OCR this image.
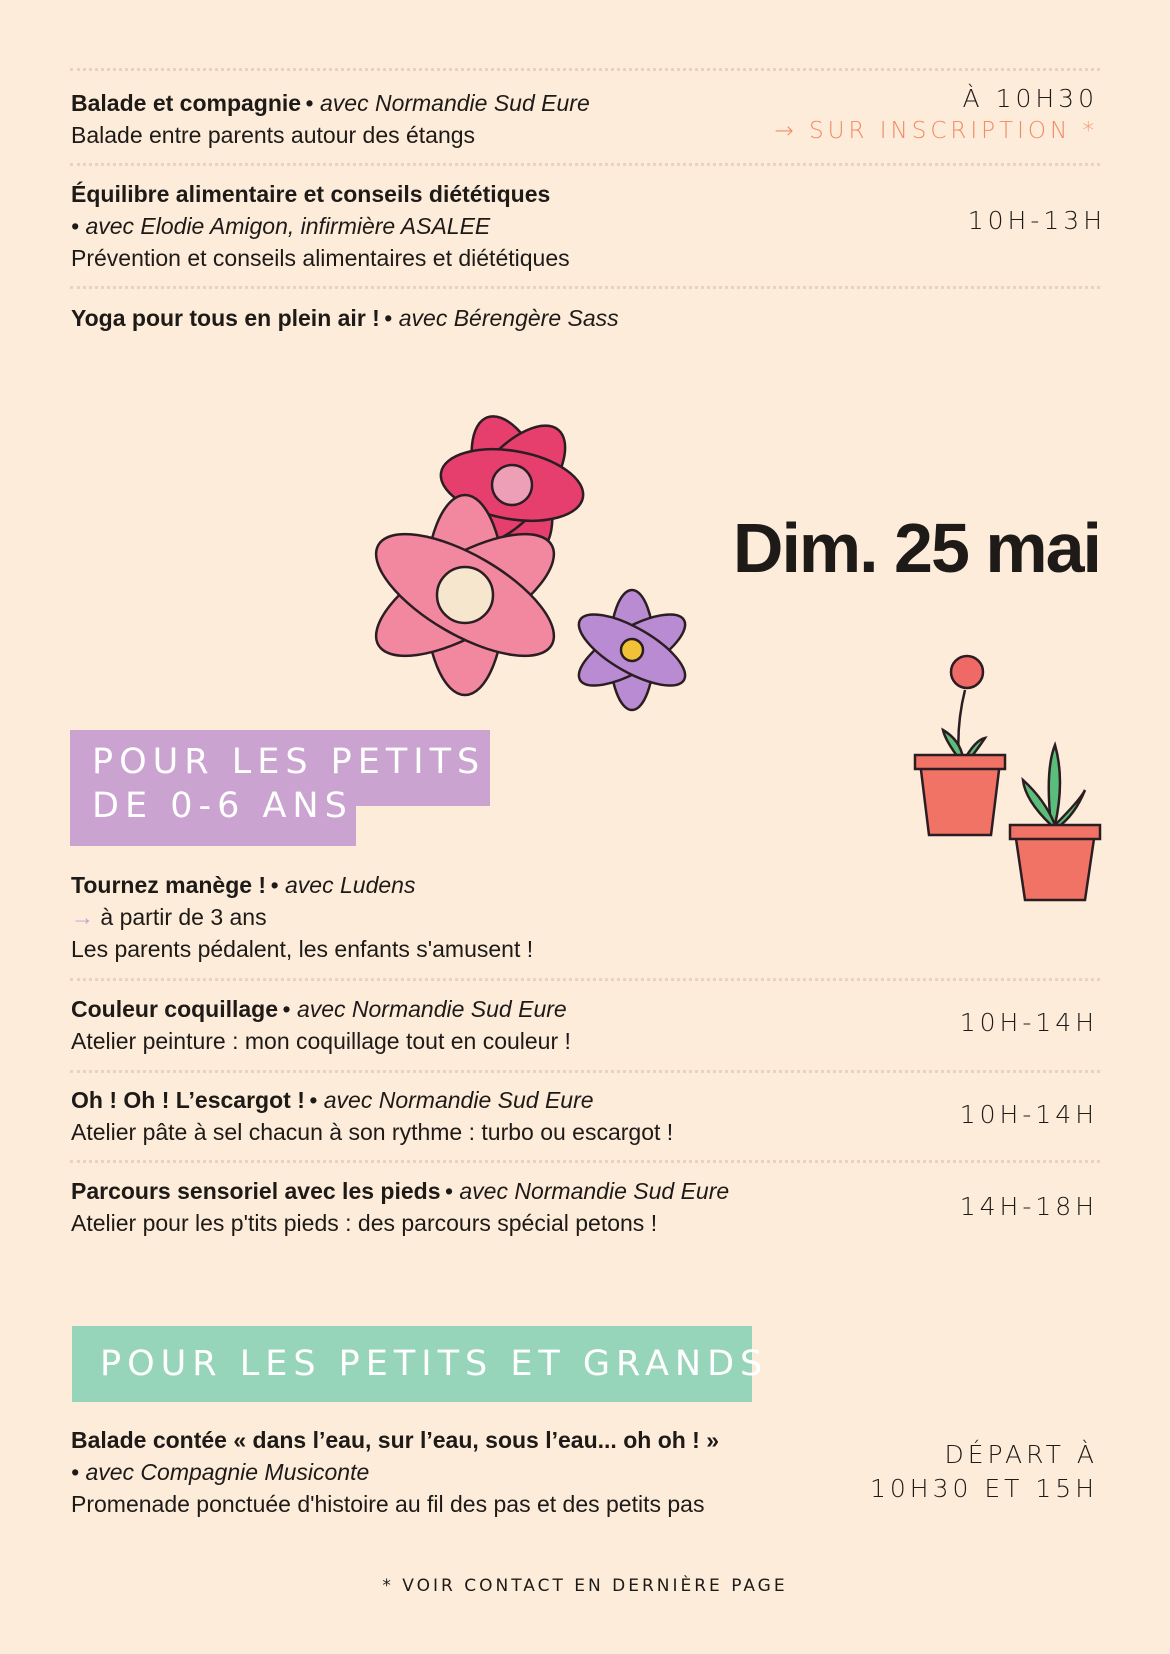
Balade et compagnie • avec Normandie Sud Eure
Balade entre parents autour des étangs
À 10H30
→ SUR INSCRIPTION *
Équilibre alimentaire et conseils diététiques
• avec Elodie Amigon, infirmière ASALEE
Prévention et conseils alimentaires et diététiques
10H-13H
Yoga pour tous en plein air ! • avec Bérengère Sass
Dim. 25 mai
POUR LES PETITS
DE 0-6 ANS
Tournez manège ! • avec Ludens
→ à partir de 3 ans
Les parents pédalent, les enfants s'amusent !
Couleur coquillage • avec Normandie Sud Eure
Atelier peinture : mon coquillage tout en couleur !
10H-14H
Oh ! Oh ! L’escargot ! • avec Normandie Sud Eure
Atelier pâte à sel chacun à son rythme : turbo ou escargot !
10H-14H
Parcours sensoriel avec les pieds • avec Normandie Sud Eure
Atelier pour les p'tits pieds : des parcours spécial petons !
14H-18H
POUR LES PETITS ET GRANDS
Balade contée « dans l’eau, sur l’eau, sous l’eau... oh oh ! »
• avec Compagnie Musiconte
Promenade ponctuée d'histoire au fil des pas et des petits pas
DÉPART À
10H30 ET 15H
* VOIR CONTACT EN DERNIÈRE PAGE
